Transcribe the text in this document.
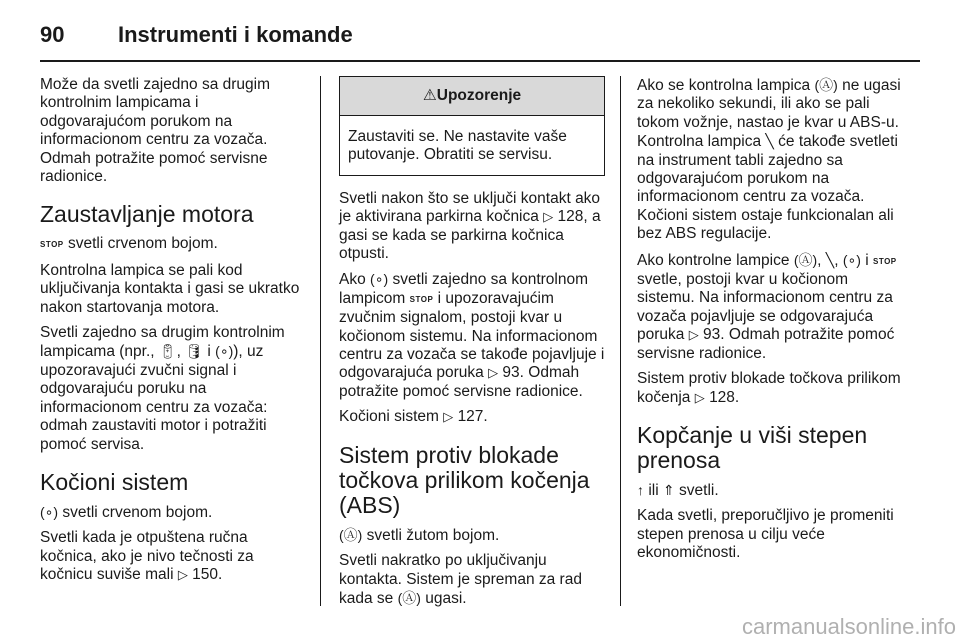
90 Instrumenti i komande

Može da svetli zajedno sa drugim kontrolnim lampicama i odgovarajućom porukom na informacionom centru za vozača. Odmah potražite pomoć servisne radionice.

Zaustavljanje motora

STOP svetli crvenom bojom.

Kontrolna lampica se pali kod uključivanja kontakta i gasi se ukratko nakon startovanja motora.

Svetli zajedno sa drugim kontrolnim lampicama (npr., 🔋︎, 🛢︎ i (∘)), uz upozoravajući zvučni signal i odgovarajuću poruku na informacionom centru za vozača: odmah zaustaviti motor i potražiti pomoć servisa.

Kočioni sistem

(∘) svetli crvenom bojom.

Svetli kada je otpuštena ručna kočnica, ako je nivo tečnosti za kočnicu suviše mali ▷ 150.

⚠Upozorenje
Zaustaviti se. Ne nastavite vaše putovanje. Obratiti se servisu.

Svetli nakon što se uključi kontakt ako je aktivirana parkirna kočnica ▷ 128, a gasi se kada se parkirna kočnica otpusti.

Ako (∘) svetli zajedno sa kontrolnom lampicom STOP i upozoravajućim zvučnim signalom, postoji kvar u kočionom sistemu. Na informacionom centru za vozača se takođe pojavljuje i odgovarajuća poruka ▷ 93. Odmah potražite pomoć servisne radionice.

Kočioni sistem ▷ 127.

Sistem protiv blokade točkova prilikom kočenja (ABS)

(Ⓐ) svetli žutom bojom.

Svetli nakratko po uključivanju kontakta. Sistem je spreman za rad kada se (Ⓐ) ugasi.

Ako se kontrolna lampica (Ⓐ) ne ugasi za nekoliko sekundi, ili ako se pali tokom vožnje, nastao je kvar u ABS-u. Kontrolna lampica ╲ će takođe svetleti na instrument tabli zajedno sa odgovarajućom porukom na informacionom centru za vozača. Kočioni sistem ostaje funkcionalan ali bez ABS regulacije.

Ako kontrolne lampice (Ⓐ), ╲, (∘) i STOP svetle, postoji kvar u kočionom sistemu. Na informacionom centru za vozača pojavljuje se odgovarajuća poruka ▷ 93. Odmah potražite pomoć servisne radionice.

Sistem protiv blokade točkova prilikom kočenja ▷ 128.

Kopčanje u viši stepen prenosa

↑ ili ⇑ svetli.

Kada svetli, preporučljivo je promeniti stepen prenosa u cilju veće ekonomičnosti.

carmanualsonline.info
